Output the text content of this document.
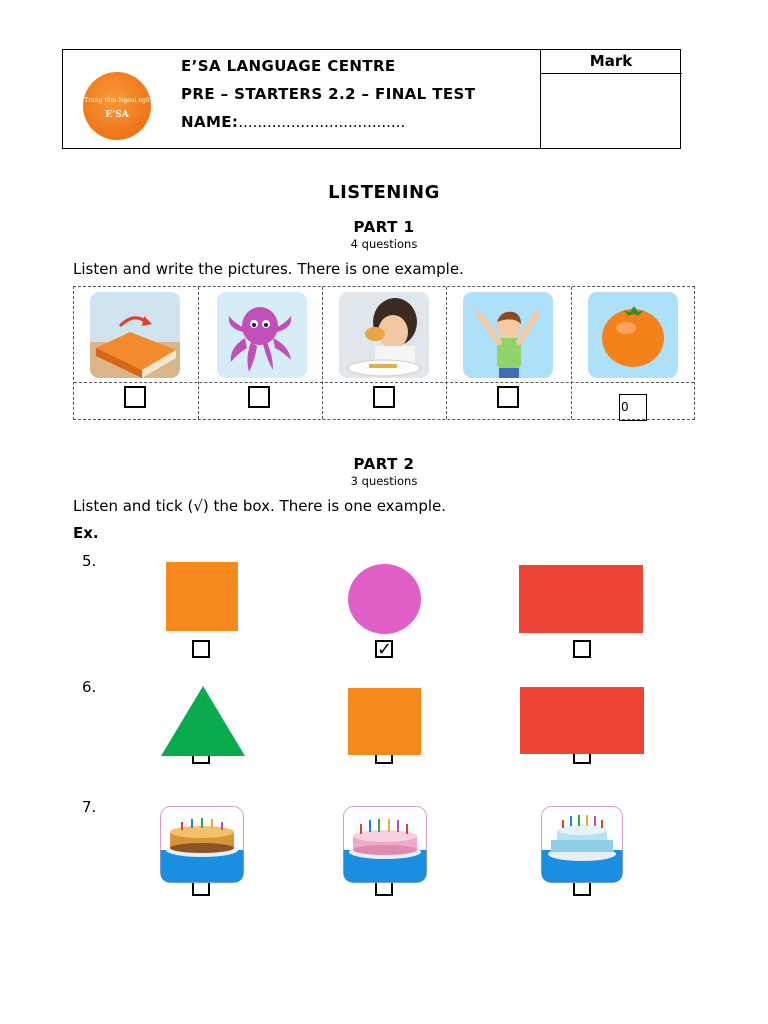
Mark
Trung tâm Ngoại ngữ
E’SA
E’SA LANGUAGE CENTRE
PRE – STARTERS 2.2 – FINAL TEST
NAME:...................................
LISTENING
PART 1
4 questions
Listen and write the pictures. There is one example.
0
PART 2
3 questions
Listen and tick (√) the box. There is one example.
Ex.
5.
✓
6.
7.
